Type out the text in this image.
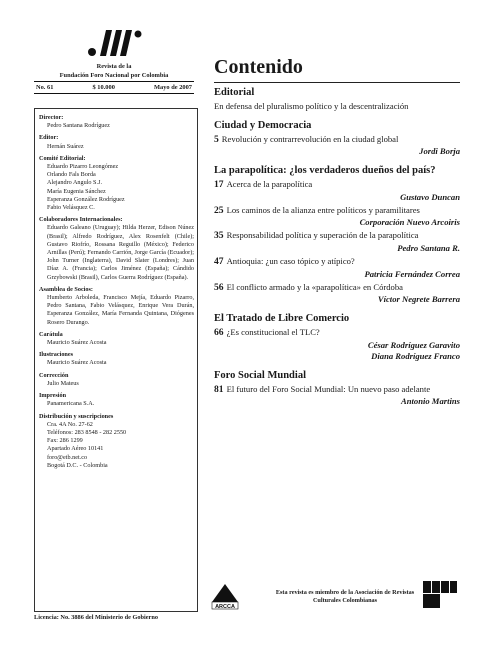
Revista de la
Fundación Foro Nacional por Colombia
No. 61	$ 10.000	Mayo de 2007
Director:
Pedro Santana Rodríguez
Editor:
Hernán Suárez
Comité Editorial:
Eduardo Pizarro Leongómez
Orlando Fals Borda
Alejandro Angulo S.J.
María Eugenia Sánchez
Esperanza González Rodríguez
Fabio Velásquez C.
Colaboradores Internacionales:
Eduardo Galeano (Uruguay); Hilda Herzer, Edison Núnez (Brasil); Alfredo Rodríguez, Alex Rosenfelt (Chile); Gustavo Riofrío, Rossana Reguillo (México); Federico Arnillas (Perú); Fernando Carrión, Jorge García (Ecuador); John Turner (Inglaterra), David Slater (Londres); Juan Díaz A. (Francia); Carlos Jiménez (España); Cándido Grzybowski (Brasil), Carlos Guerra Rodríguez (España).
Asamblea de Socios:
Humberto Arboleda, Francisco Mejía, Eduardo Pizarro, Pedro Santana, Fabio Velásquez, Enrique Vera Durán, Esperanza González, María Fernanda Quintana, Diógenes Rosero Durango.
Carátula
Mauricio Suárez Acosta
Ilustraciones
Mauricio Suárez Acosta
Corrección
Julio Mateus
Impresión
Panamericana S.A.
Distribución y suscripciones
Cra. 4A No. 27-62
Teléfonos: 283 8548 - 282 2550
Fax: 286 1299
Apartado Aéreo 10141
foro@etb.net.co
Bogotá D.C. - Colombia
Licencia: No. 3886 del Ministerio de Gobierno
Contenido
Editorial
En defensa del pluralismo político y la descentralización
Ciudad y Democracia
5 Revolución y contrarrevolución en la ciudad global
Jordi Borja
La parapolítica: ¿los verdaderos dueños del país?
17 Acerca de la parapolítica
Gustavo Duncan
25 Los caminos de la alianza entre políticos y paramilitares
Corporación Nuevo Arcoiris
35 Responsabilidad política y superación de la parapolítica
Pedro Santana R.
47 Antioquia: ¿un caso tópico y atípico?
Patricia Fernández Correa
56 El conflicto armado y la «parapolítica» en Córdoba
Víctor Negrete Barrera
El Tratado de Libre Comercio
66 ¿Es constitucional el TLC?
César Rodríguez Garavito
Diana Rodríguez Franco
Foro Social Mundial
81 El futuro del Foro Social Mundial: Un nuevo paso adelante
Antonio Martins
ARCCA
Esta revista es miembro de la Asociación de Revistas Culturales Colombianas
